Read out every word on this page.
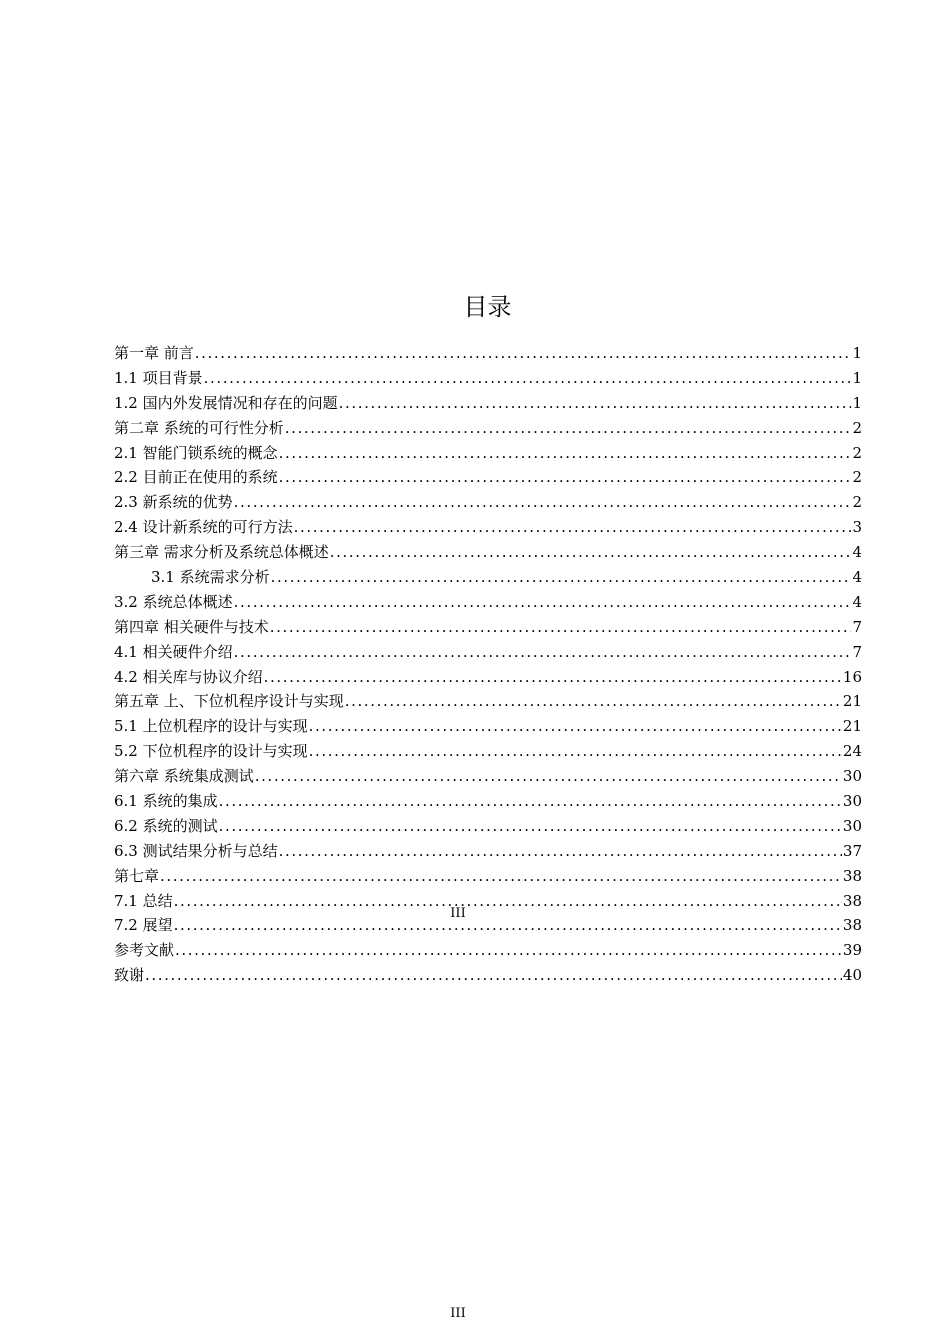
目录
第一章 前言 .....	1
1.1 项目背景 .....	1
1.2 国内外发展情况和存在的问题 .....	1
第二章 系统的可行性分析 .....	2
2.1 智能门锁系统的概念 .....	2
2.2 目前正在使用的系统 .....	2
2.3 新系统的优势 .....	2
2.4 设计新系统的可行方法 .....	3
第三章 需求分析及系统总体概述 .....	4
3.1 系统需求分析 .....	4
3.2 系统总体概述 .....	4
第四章 相关硬件与技术 .....	7
4.1 相关硬件介绍 .....	7
4.2 相关库与协议介绍 .....	16
第五章 上、下位机程序设计与实现 .....	21
5.1 上位机程序的设计与实现 .....	21
5.2 下位机程序的设计与实现 .....	24
第六章 系统集成测试 .....	30
6.1 系统的集成 .....	30
6.2 系统的测试 .....	30
6.3 测试结果分析与总结 .....	37
第七章 .....	38
7.1 总结 .....	38
7.2 展望 .....	38
参考文献 .....	39
致谢 .....	40
III
III
